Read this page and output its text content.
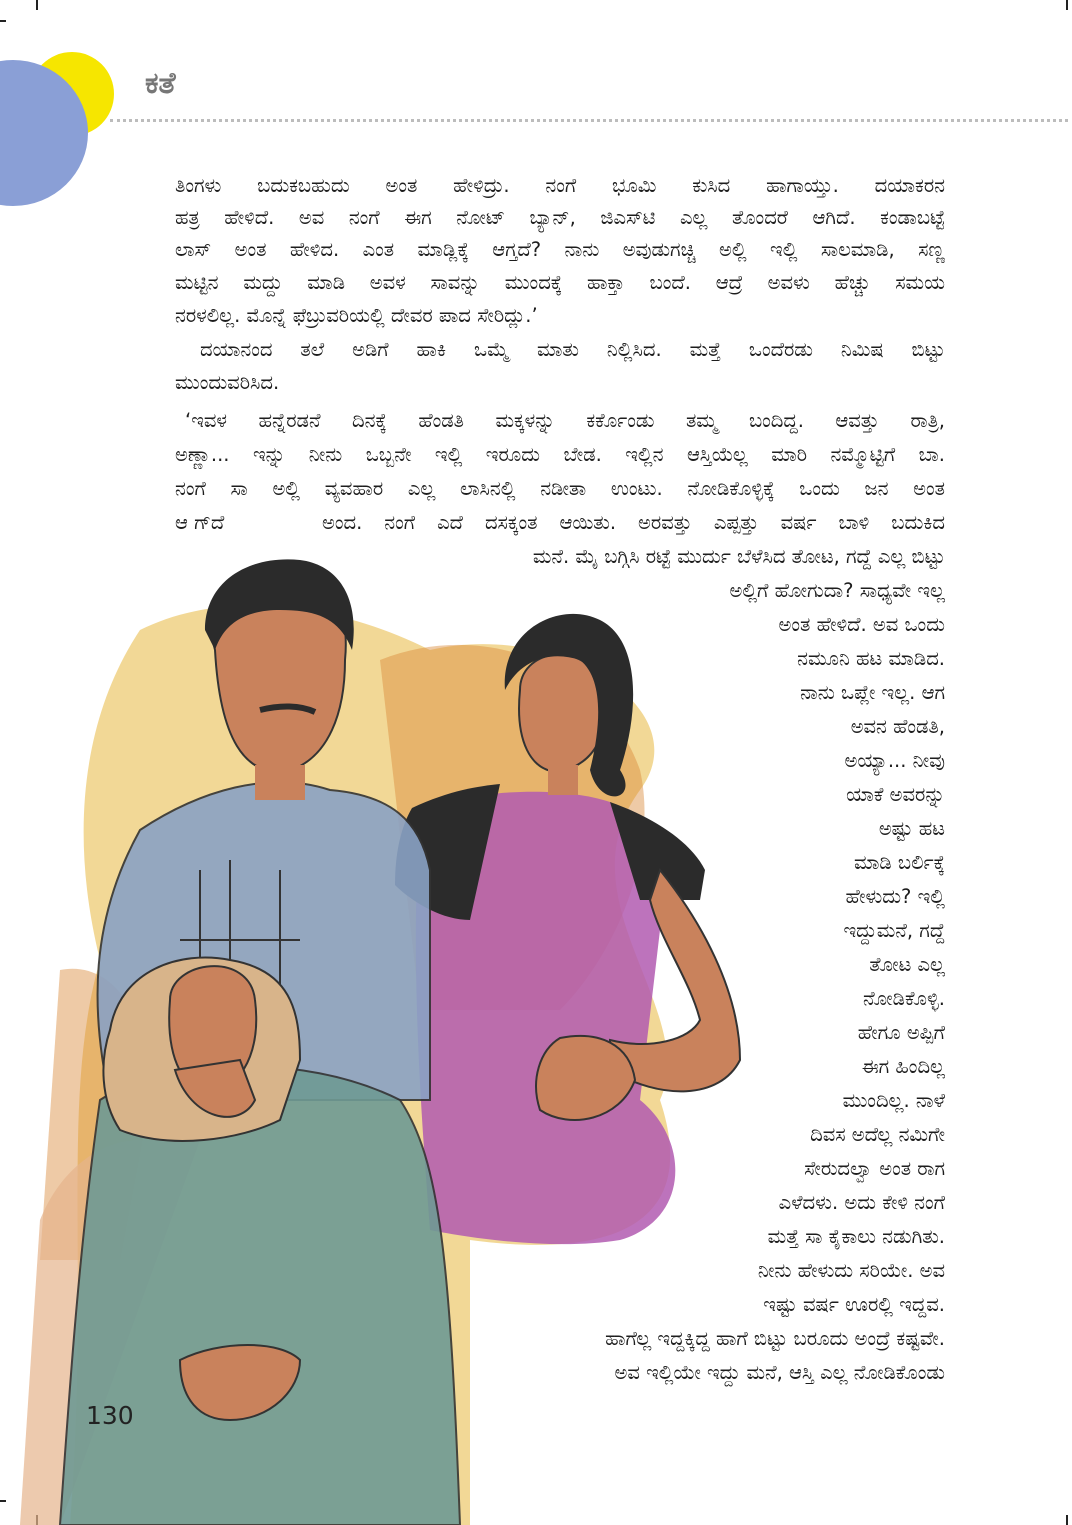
ಕತೆ
ತಿಂಗಳು ಬದುಕಬಹುದು ಅಂತ ಹೇಳಿದ್ರು. ನಂಗೆ ಭೂಮಿ ಕುಸಿದ ಹಾಗಾಯ್ತು. ದಯಾಕರನ
ಹತ್ರ ಹೇಳಿದೆ. ಅವ ನಂಗೆ ಈಗ ನೋಟ್ ಬ್ಯಾನ್, ಜಿಎಸ್‌ಟಿ ಎಲ್ಲ ತೊಂದರೆ ಆಗಿದೆ. ಕಂಡಾಬಟ್ಟೆ
ಲಾಸ್ ಅಂತ ಹೇಳಿದ. ಎಂತ ಮಾಡ್ಲಿಕ್ಕೆ ಆಗ್ತದೆ? ನಾನು ಅವುಡುಗಚ್ಚಿ ಅಲ್ಲಿ ಇಲ್ಲಿ ಸಾಲಮಾಡಿ, ಸಣ್ಣ
ಮಟ್ಟಿನ ಮದ್ದು ಮಾಡಿ ಅವಳ ಸಾವನ್ನು ಮುಂದಕ್ಕೆ ಹಾಕ್ತಾ ಬಂದೆ. ಆದ್ರೆ ಅವಳು ಹೆಚ್ಚು ಸಮಯ
ನರಳಲಿಲ್ಲ. ಮೊನ್ನೆ ಫೆಬ್ರುವರಿಯಲ್ಲಿ ದೇವರ ಪಾದ ಸೇರಿದ್ಲು.’
ದಯಾನಂದ ತಲೆ ಅಡಿಗೆ ಹಾಕಿ ಒಮ್ಮೆ ಮಾತು ನಿಲ್ಲಿಸಿದ. ಮತ್ತೆ ಒಂದೆರಡು ನಿಮಿಷ ಬಿಟ್ಟು
ಮುಂದುವರಿಸಿದ.
‘ಇವಳ ಹನ್ನೆರಡನೆ ದಿನಕ್ಕೆ ಹೆಂಡತಿ ಮಕ್ಕಳನ್ನು ಕರ್ಕೊಂಡು ತಮ್ಮ ಬಂದಿದ್ದ. ಆವತ್ತು ರಾತ್ರಿ,
ಅಣ್ಣಾ... ಇನ್ನು ನೀನು ಒಬ್ಬನೇ ಇಲ್ಲಿ ಇರೂದು ಬೇಡ. ಇಲ್ಲಿನ ಆಸ್ತಿಯೆಲ್ಲ ಮಾರಿ ನಮ್ಮೊಟ್ಟಿಗೆ ಬಾ.
ನಂಗೆ ಸಾ ಅಲ್ಲಿ ವ್ಯವಹಾರ ಎಲ್ಲ ಲಾಸಿನಲ್ಲಿ ನಡೀತಾ ಉಂಟು. ನೋಡಿಕೊಳ್ಳಿಕ್ಕೆ ಒಂದು ಜನ ಅಂತ
ಆ ಗ್‌ದೆ	ಅಂದ. ನಂಗೆ ಎದೆ ದಸಕ್ಕಂತ ಆಯಿತು. ಅರವತ್ತು ಎಪ್ಪತ್ತು ವರ್ಷ ಬಾಳಿ ಬದುಕಿದ
ಮನೆ. ಮೈ ಬಗ್ಗಿಸಿ ರಟ್ಟೆ ಮುರ್ದು ಬೆಳೆಸಿದ ತೋಟ, ಗದ್ದೆ ಎಲ್ಲ ಬಿಟ್ಟು
ಅಲ್ಲಿಗೆ ಹೋಗುದಾ? ಸಾಧ್ಯವೇ ಇಲ್ಲ
ಅಂತ ಹೇಳಿದೆ. ಅವ ಒಂದು
ನಮೂನಿ ಹಟ ಮಾಡಿದ.
ನಾನು ಒಪ್ಲೇ ಇಲ್ಲ. ಆಗ
ಅವನ ಹೆಂಡತಿ,
ಅಯ್ಯಾ... ನೀವು
ಯಾಕೆ ಅವರನ್ನು
ಅಷ್ಟು ಹಟ
ಮಾಡಿ ಬರ್ಲಿಕ್ಕೆ
ಹೇಳುದು? ಇಲ್ಲಿ
ಇದ್ದುಮನೆ, ಗದ್ದೆ
ತೋಟ ಎಲ್ಲ
ನೋಡಿಕೊಳ್ಳಿ.
ಹೇಗೂ ಅಪ್ಪಿಗೆ
ಈಗ ಹಿಂದಿಲ್ಲ
ಮುಂದಿಲ್ಲ. ನಾಳೆ
ದಿವಸ ಅದೆಲ್ಲ ನಮಿಗೇ
ಸೇರುದಲ್ವಾ ಅಂತ ರಾಗ
ಎಳೆದಳು. ಅದು ಕೇಳಿ ನಂಗೆ
ಮತ್ತೆ ಸಾ ಕೈಕಾಲು ನಡುಗಿತು.
ನೀನು ಹೇಳುದು ಸರಿಯೇ. ಅವ
ಇಷ್ಟು ವರ್ಷ ಊರಲ್ಲಿ ಇದ್ದವ.
ಹಾಗೆಲ್ಲ ಇದ್ದಕ್ಕಿದ್ದ ಹಾಗೆ ಬಿಟ್ಟು ಬರೂದು ಅಂದ್ರೆ ಕಷ್ಟವೇ.
ಅವ ಇಲ್ಲಿಯೇ ಇದ್ದು ಮನೆ, ಆಸ್ತಿ ಎಲ್ಲ ನೋಡಿಕೊಂಡು
130
